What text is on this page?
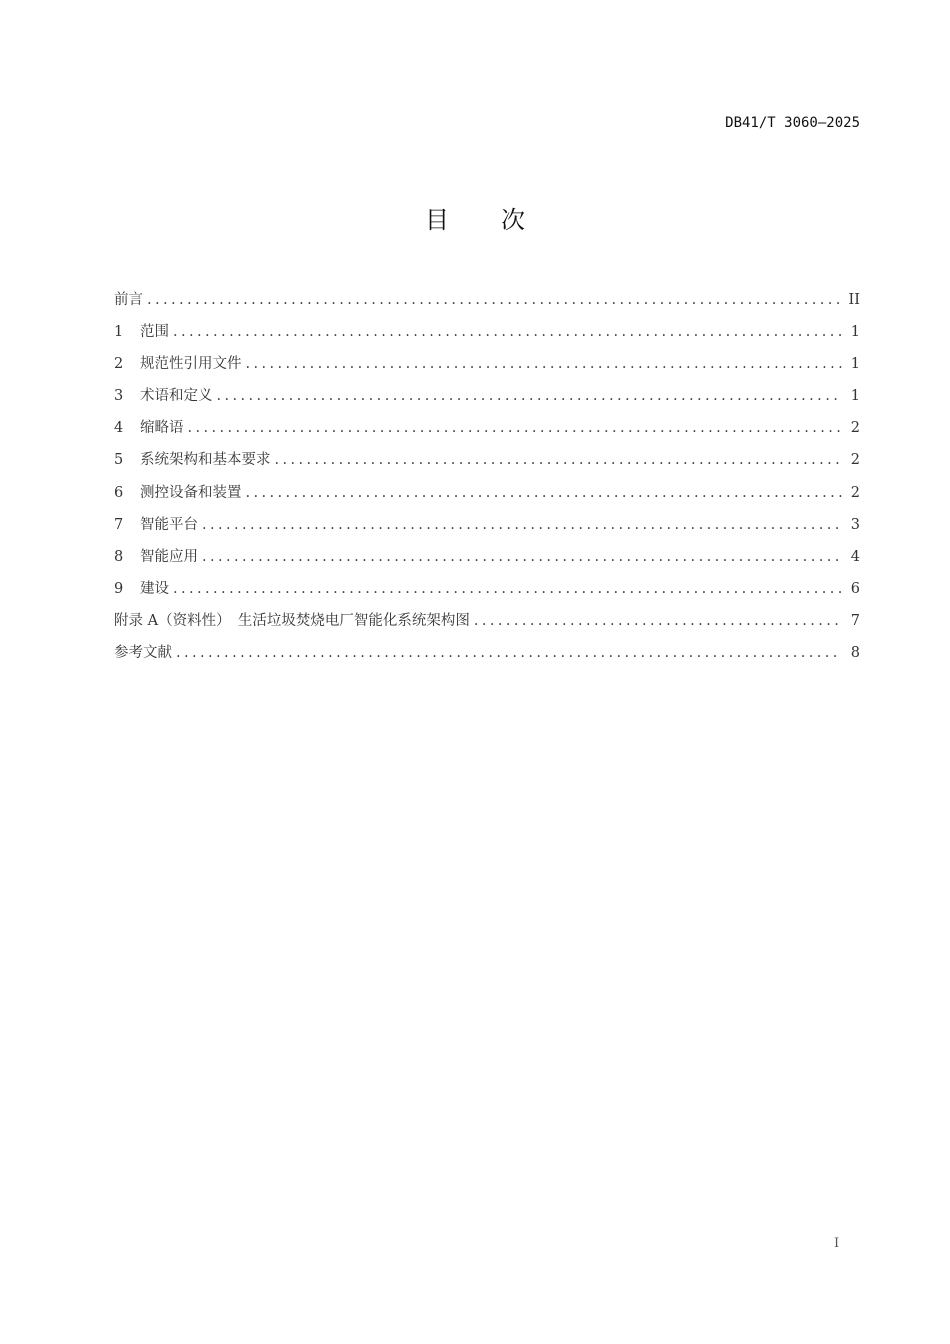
DB41/T 3060—2025
目 次
前言 .....	II
1	范围 .....	1
2	规范性引用文件 .....	1
3	术语和定义 .....	1
4	缩略语 .....	2
5	系统架构和基本要求 .....	2
6	测控设备和装置 .....	2
7	智能平台 .....	3
8	智能应用 .....	4
9	建设 .....	6
附录 A（资料性）　生活垃圾焚烧电厂智能化系统架构图 .....	7
参考文献 .....	8
I
